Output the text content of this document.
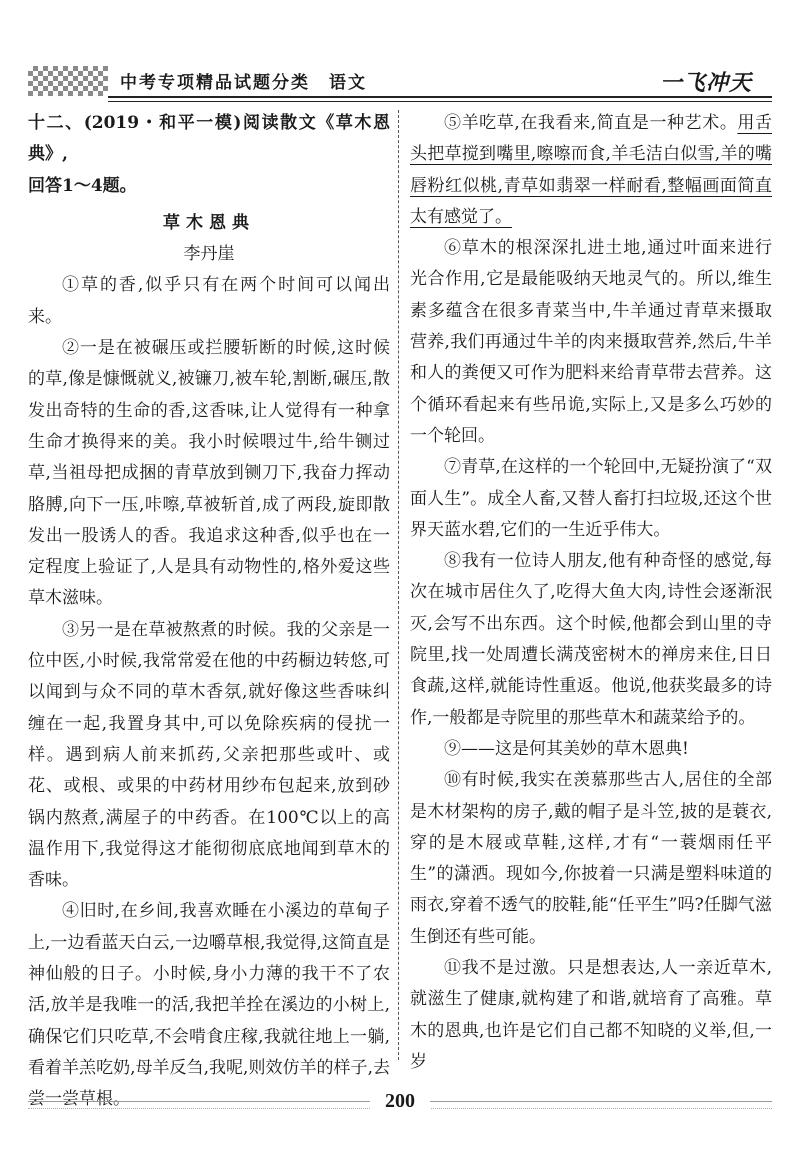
中考专项精品试题分类　语文	一飞冲天

十二、(2019・和平一模)阅读散文《草木恩典》,

回答1～4题。

草木恩典

李丹崖

①草的香,似乎只有在两个时间可以闻出来。

②一是在被碾压或拦腰斩断的时候,这时候的草,像是慷慨就义,被镰刀,被车轮,割断,碾压,散发出奇特的生命的香,这香味,让人觉得有一种拿生命才换得来的美。我小时候喂过牛,给牛铡过草,当祖母把成捆的青草放到铡刀下,我奋力挥动胳膊,向下一压,咔嚓,草被斩首,成了两段,旋即散发出一股诱人的香。我追求这种香,似乎也在一定程度上验证了,人是具有动物性的,格外爱这些草木滋味。

③另一是在草被熬煮的时候。我的父亲是一位中医,小时候,我常常爱在他的中药橱边转悠,可以闻到与众不同的草木香氛,就好像这些香味纠缠在一起,我置身其中,可以免除疾病的侵扰一样。遇到病人前来抓药,父亲把那些或叶、或花、或根、或果的中药材用纱布包起来,放到砂锅内熬煮,满屋子的中药香。在100℃以上的高温作用下,我觉得这才能彻彻底底地闻到草木的香味。

④旧时,在乡间,我喜欢睡在小溪边的草甸子上,一边看蓝天白云,一边嚼草根,我觉得,这简直是神仙般的日子。小时候,身小力薄的我干不了农活,放羊是我唯一的活,我把羊拴在溪边的小树上,确保它们只吃草,不会啃食庄稼,我就往地上一躺,看着羊羔吃奶,母羊反刍,我呢,则效仿羊的样子,去尝一尝草根。

⑤羊吃草,在我看来,简直是一种艺术。用舌头把草搅到嘴里,嚓嚓而食,羊毛洁白似雪,羊的嘴唇粉红似桃,青草如翡翠一样耐看,整幅画面简直太有感觉了。

⑥草木的根深深扎进土地,通过叶面来进行光合作用,它是最能吸纳天地灵气的。所以,维生素多蕴含在很多青菜当中,牛羊通过青草来摄取营养,我们再通过牛羊的肉来摄取营养,然后,牛羊和人的粪便又可作为肥料来给青草带去营养。这个循环看起来有些吊诡,实际上,又是多么巧妙的一个轮回。

⑦青草,在这样的一个轮回中,无疑扮演了“双面人生”。成全人畜,又替人畜打扫垃圾,还这个世界天蓝水碧,它们的一生近乎伟大。

⑧我有一位诗人朋友,他有种奇怪的感觉,每次在城市居住久了,吃得大鱼大肉,诗性会逐渐泯灭,会写不出东西。这个时候,他都会到山里的寺院里,找一处周遭长满茂密树木的禅房来住,日日食蔬,这样,就能诗性重返。他说,他获奖最多的诗作,一般都是寺院里的那些草木和蔬菜给予的。

⑨——这是何其美妙的草木恩典!

⑩有时候,我实在羡慕那些古人,居住的全部是木材架构的房子,戴的帽子是斗笠,披的是蓑衣,穿的是木屐或草鞋,这样,才有“一蓑烟雨任平生”的潇洒。现如今,你披着一只满是塑料味道的雨衣,穿着不透气的胶鞋,能“任平生”吗?任脚气滋生倒还有些可能。

⑪我不是过激。只是想表达,人一亲近草木,就滋生了健康,就构建了和谐,就培育了高雅。草木的恩典,也许是它们自己都不知晓的义举,但,一岁

200
